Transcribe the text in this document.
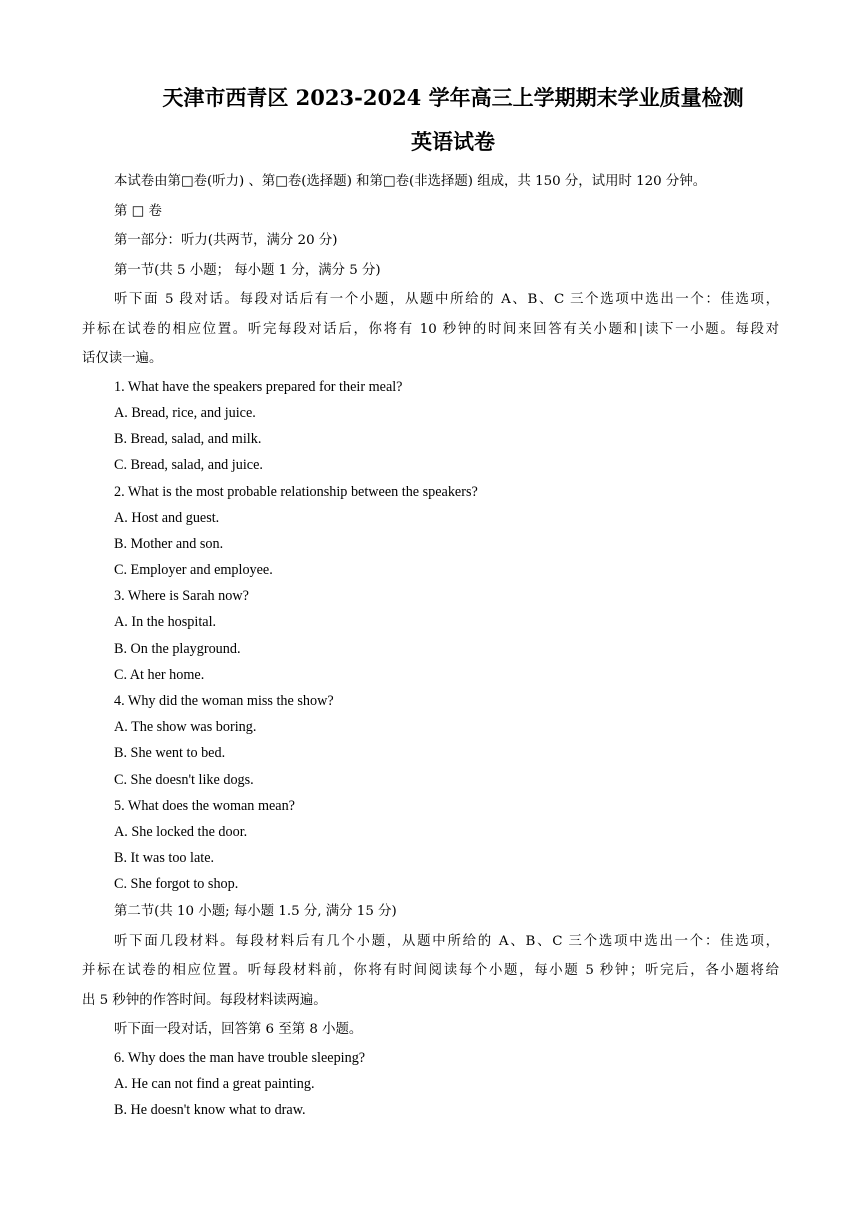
天津市西青区 2023-2024 学年高三上学期期末学业质量检测
英语试卷
本试卷由第□卷(听力) 、第□卷(选择题) 和第□卷(非选择题) 组成，共 150 分，试用时 120 分钟。
第 □ 卷
第一部分：听力(共两节，满分 20 分)
第一节(共 5 小题； 每小题 1 分，满分 5 分)
听下面 5 段对话。每段对话后有一个小题，从题中所给的 A、B、C 三个选项中选出一个：佳选项，
并标在试卷的相应位置。听完每段对话后，你将有 10 秒钟的时间来回答有关小题和|读下一小题。每段对
话仅读一遍。
1. What have the speakers prepared for their meal?
A. Bread, rice, and juice.
B. Bread, salad, and milk.
C. Bread, salad, and juice.
2. What is the most probable relationship between the speakers?
A. Host and guest.
B. Mother and son.
C. Employer and employee.
3. Where is Sarah now?
A. In the hospital.
B. On the playground.
C. At her home.
4. Why did the woman miss the show?
A. The show was boring.
B. She went to bed.
C. She doesn't like dogs.
5. What does the woman mean?
A. She locked the door.
B. It was too late.
C. She forgot to shop.
第二节(共 10 小题; 每小题 1.5 分, 满分 15 分)
听下面几段材料。每段材料后有几个小题，从题中所给的 A、B、C 三个选项中选出一个：佳选项，
并标在试卷的相应位置。听每段材料前，你将有时间阅读每个小题，每小题 5 秒钟；听完后，各小题将给
出 5 秒钟的作答时间。每段材料读两遍。
听下面一段对话，回答第 6 至第 8 小题。
6. Why does the man have trouble sleeping?
A. He can not find a great painting.
B. He doesn't know what to draw.
